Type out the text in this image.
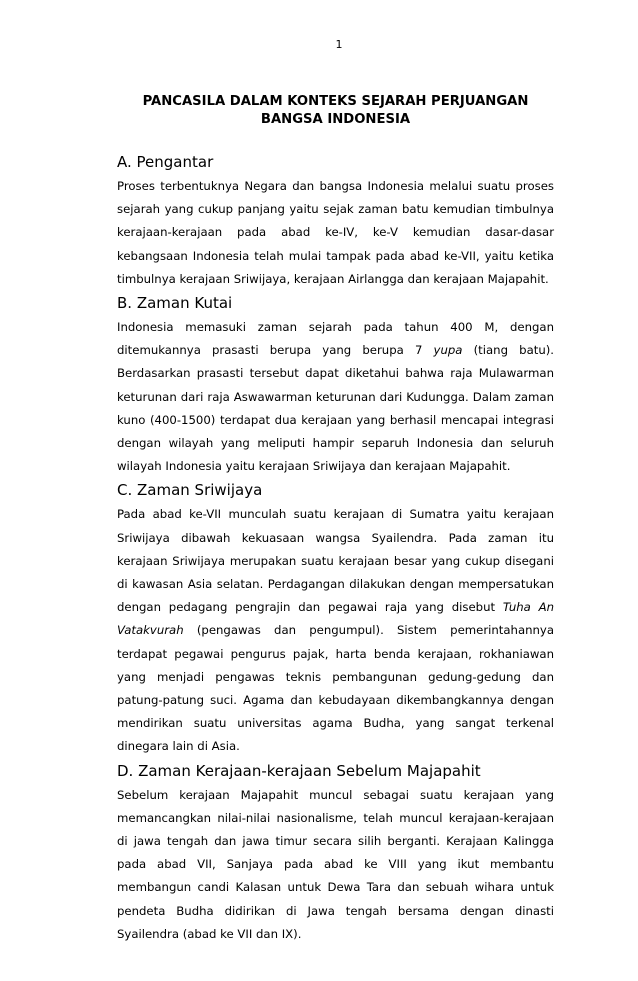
1
PANCASILA DALAM KONTEKS SEJARAH PERJUANGAN
BANGSA INDONESIA
A. Pengantar

Proses terbentuknya Negara dan bangsa Indonesia melalui suatu proses sejarah yang cukup panjang yaitu sejak zaman batu kemudian timbulnya kerajaan-kerajaan pada abad ke-IV, ke-V kemudian dasar-dasar kebangsaan Indonesia telah mulai tampak pada abad ke-VII, yaitu ketika timbulnya kerajaan Sriwijaya, kerajaan Airlangga dan kerajaan Majapahit.

B. Zaman Kutai

Indonesia memasuki zaman sejarah pada tahun 400 M, dengan ditemukannya prasasti berupa yang berupa 7 yupa (tiang batu). Berdasarkan prasasti tersebut dapat diketahui bahwa raja Mulawarman keturunan dari raja Aswawarman keturunan dari Kudungga. Dalam zaman kuno (400-1500) terdapat dua kerajaan yang berhasil mencapai integrasi dengan wilayah yang meliputi hampir separuh Indonesia dan seluruh wilayah Indonesia yaitu kerajaan Sriwijaya dan kerajaan Majapahit.

C. Zaman Sriwijaya

Pada abad ke-VII munculah suatu kerajaan di Sumatra yaitu kerajaan Sriwijaya dibawah kekuasaan wangsa Syailendra. Pada zaman itu kerajaan Sriwijaya merupakan suatu kerajaan besar yang cukup disegani di kawasan Asia selatan. Perdagangan dilakukan dengan mempersatukan dengan pedagang pengrajin dan pegawai raja yang disebut Tuha An Vatakvurah (pengawas dan pengumpul). Sistem pemerintahannya terdapat pegawai pengurus pajak, harta benda kerajaan, rokhaniawan yang menjadi pengawas teknis pembangunan gedung-gedung dan patung-patung suci. Agama dan kebudayaan dikembangkannya dengan mendirikan suatu universitas agama Budha, yang sangat terkenal dinegara lain di Asia.

D. Zaman Kerajaan-kerajaan Sebelum Majapahit

Sebelum kerajaan Majapahit muncul sebagai suatu kerajaan yang memancangkan nilai-nilai nasionalisme, telah muncul kerajaan-kerajaan di jawa tengah dan jawa timur secara silih berganti. Kerajaan Kalingga pada abad VII, Sanjaya pada abad ke VIII yang ikut membantu membangun candi Kalasan untuk Dewa Tara dan sebuah wihara untuk pendeta Budha didirikan di Jawa tengah bersama dengan dinasti Syailendra (abad ke VII dan IX).
